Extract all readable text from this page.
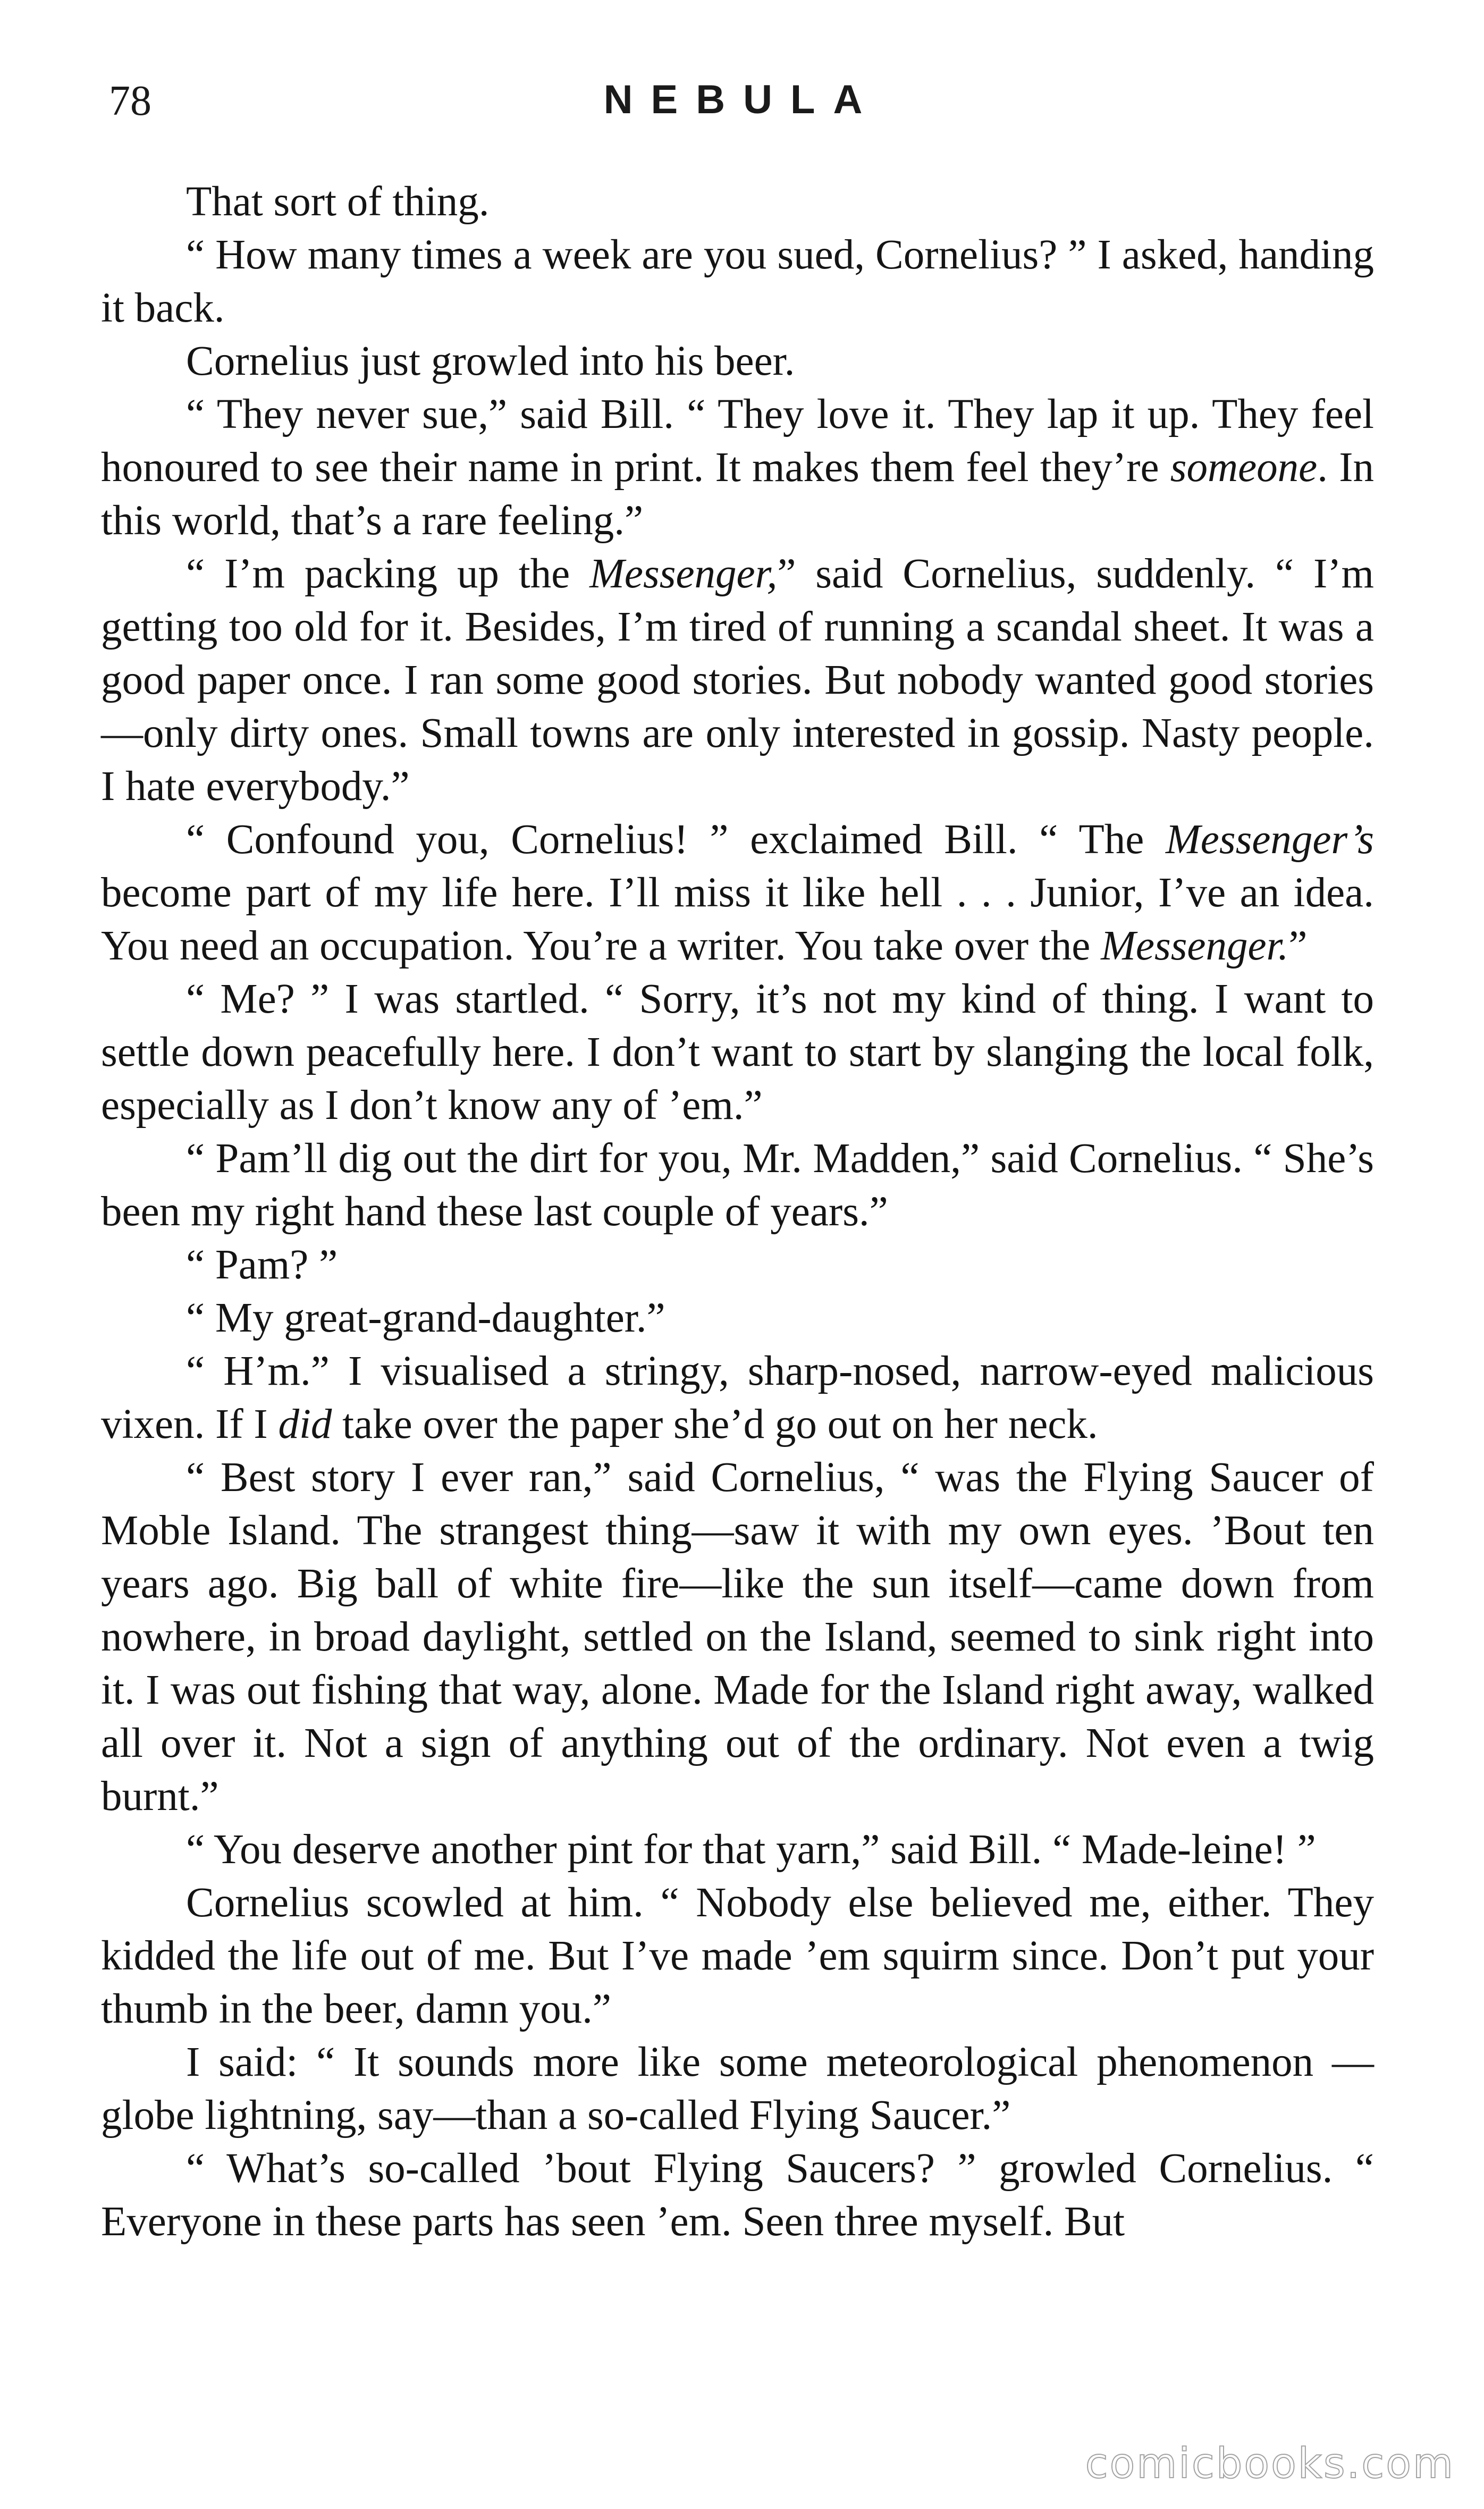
78	NEBULA

That sort of thing.

“ How many times a week are you sued, Cornelius? ” I asked, handing it back.

Cornelius just growled into his beer.

“ They never sue,” said Bill. “ They love it. They lap it up. They feel honoured to see their name in print. It makes them feel they’re someone. In this world, that’s a rare feeling.”

“ I’m packing up the Messenger,” said Cornelius, suddenly. “ I’m getting too old for it. Besides, I’m tired of running a scandal sheet. It was a good paper once. I ran some good stories. But nobody wanted good stories—only dirty ones. Small towns are only interested in gossip. Nasty people. I hate everybody.”

“ Confound you, Cornelius! ” exclaimed Bill. “ The Messenger’s become part of my life here. I’ll miss it like hell . . . Junior, I’ve an idea. You need an occupation. You’re a writer. You take over the Messenger.”

“ Me? ” I was startled. “ Sorry, it’s not my kind of thing. I want to settle down peacefully here. I don’t want to start by slanging the local folk, especially as I don’t know any of ’em.”

“ Pam’ll dig out the dirt for you, Mr. Madden,” said Cornelius. “ She’s been my right hand these last couple of years.”

“ Pam? ”

“ My great-grand-daughter.”

“ H’m.” I visualised a stringy, sharp-nosed, narrow-eyed malicious vixen. If I did take over the paper she’d go out on her neck.

“ Best story I ever ran,” said Cornelius, “ was the Flying Saucer of Moble Island. The strangest thing—saw it with my own eyes. ’Bout ten years ago. Big ball of white fire—like the sun itself—came down from nowhere, in broad daylight, settled on the Island, seemed to sink right into it. I was out fishing that way, alone. Made for the Island right away, walked all over it. Not a sign of anything out of the ordinary. Not even a twig burnt.”

“ You deserve another pint for that yarn,” said Bill. “ Made-leine! ”

Cornelius scowled at him. “ Nobody else believed me, either. They kidded the life out of me. But I’ve made ’em squirm since. Don’t put your thumb in the beer, damn you.”

I said: “ It sounds more like some meteorological phenomenon —globe lightning, say—than a so-called Flying Saucer.”

“ What’s so-called ’bout Flying Saucers? ” growled Cornelius. “ Everyone in these parts has seen ’em. Seen three myself. But

comicbooks.com
